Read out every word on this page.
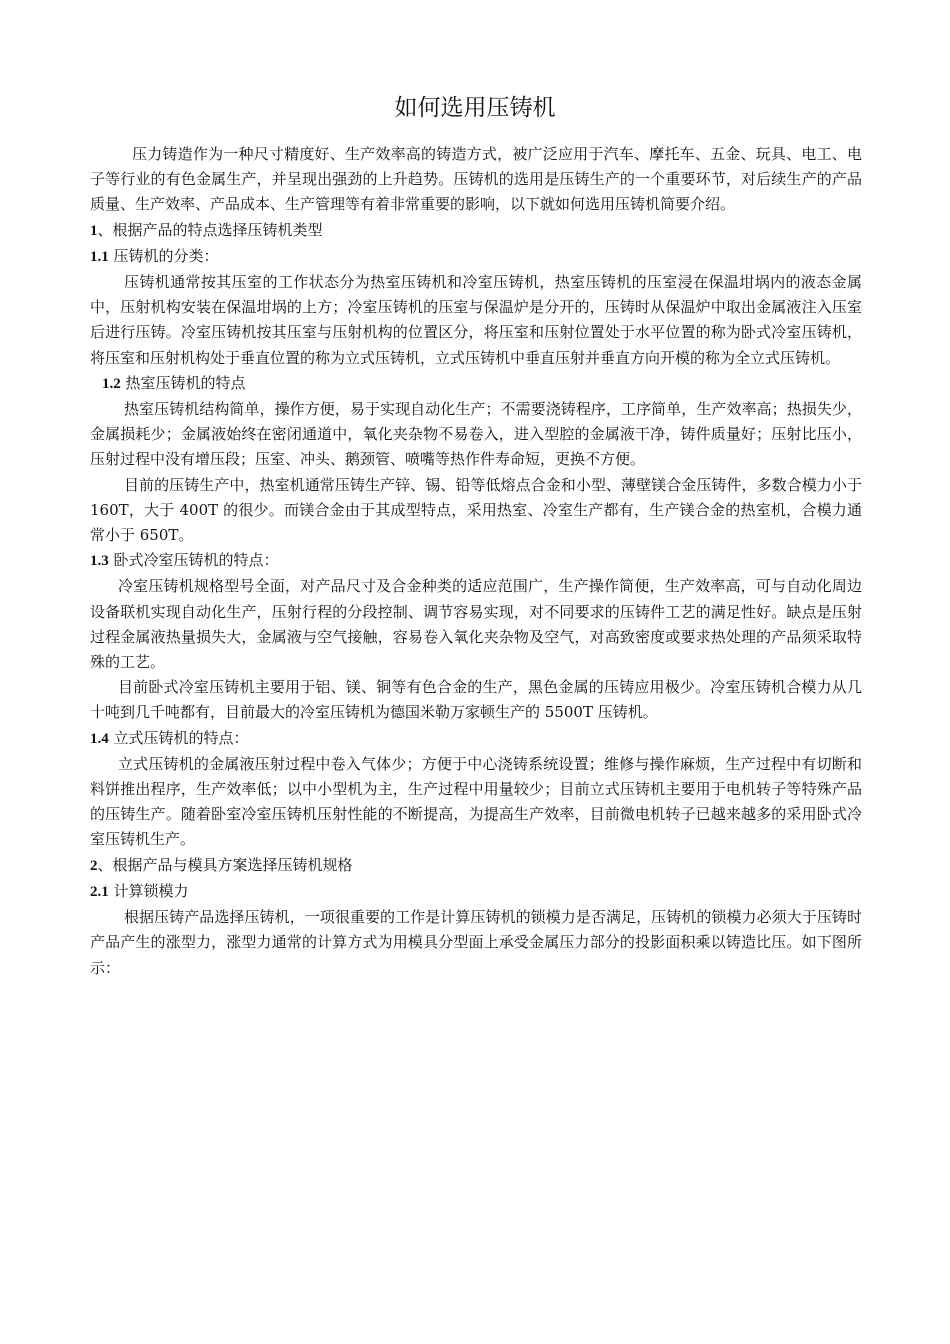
如何选用压铸机

压力铸造作为一种尺寸精度好、生产效率高的铸造方式，被广泛应用于汽车、摩托车、五金、玩具、电工、电子等行业的有色金属生产，并呈现出强劲的上升趋势。压铸机的选用是压铸生产的一个重要环节，对后续生产的产品质量、生产效率、产品成本、生产管理等有着非常重要的影响，以下就如何选用压铸机简要介绍。

1、根据产品的特点选择压铸机类型

1.1 压铸机的分类：

压铸机通常按其压室的工作状态分为热室压铸机和冷室压铸机，热室压铸机的压室浸在保温坩埚内的液态金属中，压射机构安装在保温坩埚的上方；冷室压铸机的压室与保温炉是分开的，压铸时从保温炉中取出金属液注入压室后进行压铸。冷室压铸机按其压室与压射机构的位置区分，将压室和压射位置处于水平位置的称为卧式冷室压铸机，将压室和压射机构处于垂直位置的称为立式压铸机，立式压铸机中垂直压射并垂直方向开模的称为全立式压铸机。

1.2 热室压铸机的特点

热室压铸机结构简单，操作方便，易于实现自动化生产；不需要浇铸程序，工序简单，生产效率高；热损失少，金属损耗少；金属液始终在密闭通道中，氧化夹杂物不易卷入，进入型腔的金属液干净，铸件质量好；压射比压小，压射过程中没有增压段；压室、冲头、鹅颈管、喷嘴等热作件寿命短，更换不方便。

目前的压铸生产中，热室机通常压铸生产锌、锡、铅等低熔点合金和小型、薄壁镁合金压铸件，多数合模力小于 160T，大于 400T 的很少。而镁合金由于其成型特点，采用热室、冷室生产都有，生产镁合金的热室机，合模力通常小于 650T。

1.3 卧式冷室压铸机的特点：

冷室压铸机规格型号全面，对产品尺寸及合金种类的适应范围广，生产操作简便，生产效率高，可与自动化周边设备联机实现自动化生产，压射行程的分段控制、调节容易实现，对不同要求的压铸件工艺的满足性好。缺点是压射过程金属液热量损失大，金属液与空气接触，容易卷入氧化夹杂物及空气，对高致密度或要求热处理的产品须采取特殊的工艺。

目前卧式冷室压铸机主要用于铝、镁、铜等有色合金的生产，黑色金属的压铸应用极少。冷室压铸机合模力从几十吨到几千吨都有，目前最大的冷室压铸机为德国米勒万家顿生产的 5500T 压铸机。

1.4 立式压铸机的特点：

立式压铸机的金属液压射过程中卷入气体少；方便于中心浇铸系统设置；维修与操作麻烦，生产过程中有切断和料饼推出程序，生产效率低；以中小型机为主，生产过程中用量较少；目前立式压铸机主要用于电机转子等特殊产品的压铸生产。随着卧室冷室压铸机压射性能的不断提高，为提高生产效率，目前微电机转子已越来越多的采用卧式冷室压铸机生产。

2、根据产品与模具方案选择压铸机规格

2.1 计算锁模力

根据压铸产品选择压铸机，一项很重要的工作是计算压铸机的锁模力是否满足，压铸机的锁模力必须大于压铸时产品产生的涨型力，涨型力通常的计算方式为用模具分型面上承受金属压力部分的投影面积乘以铸造比压。如下图所示：
